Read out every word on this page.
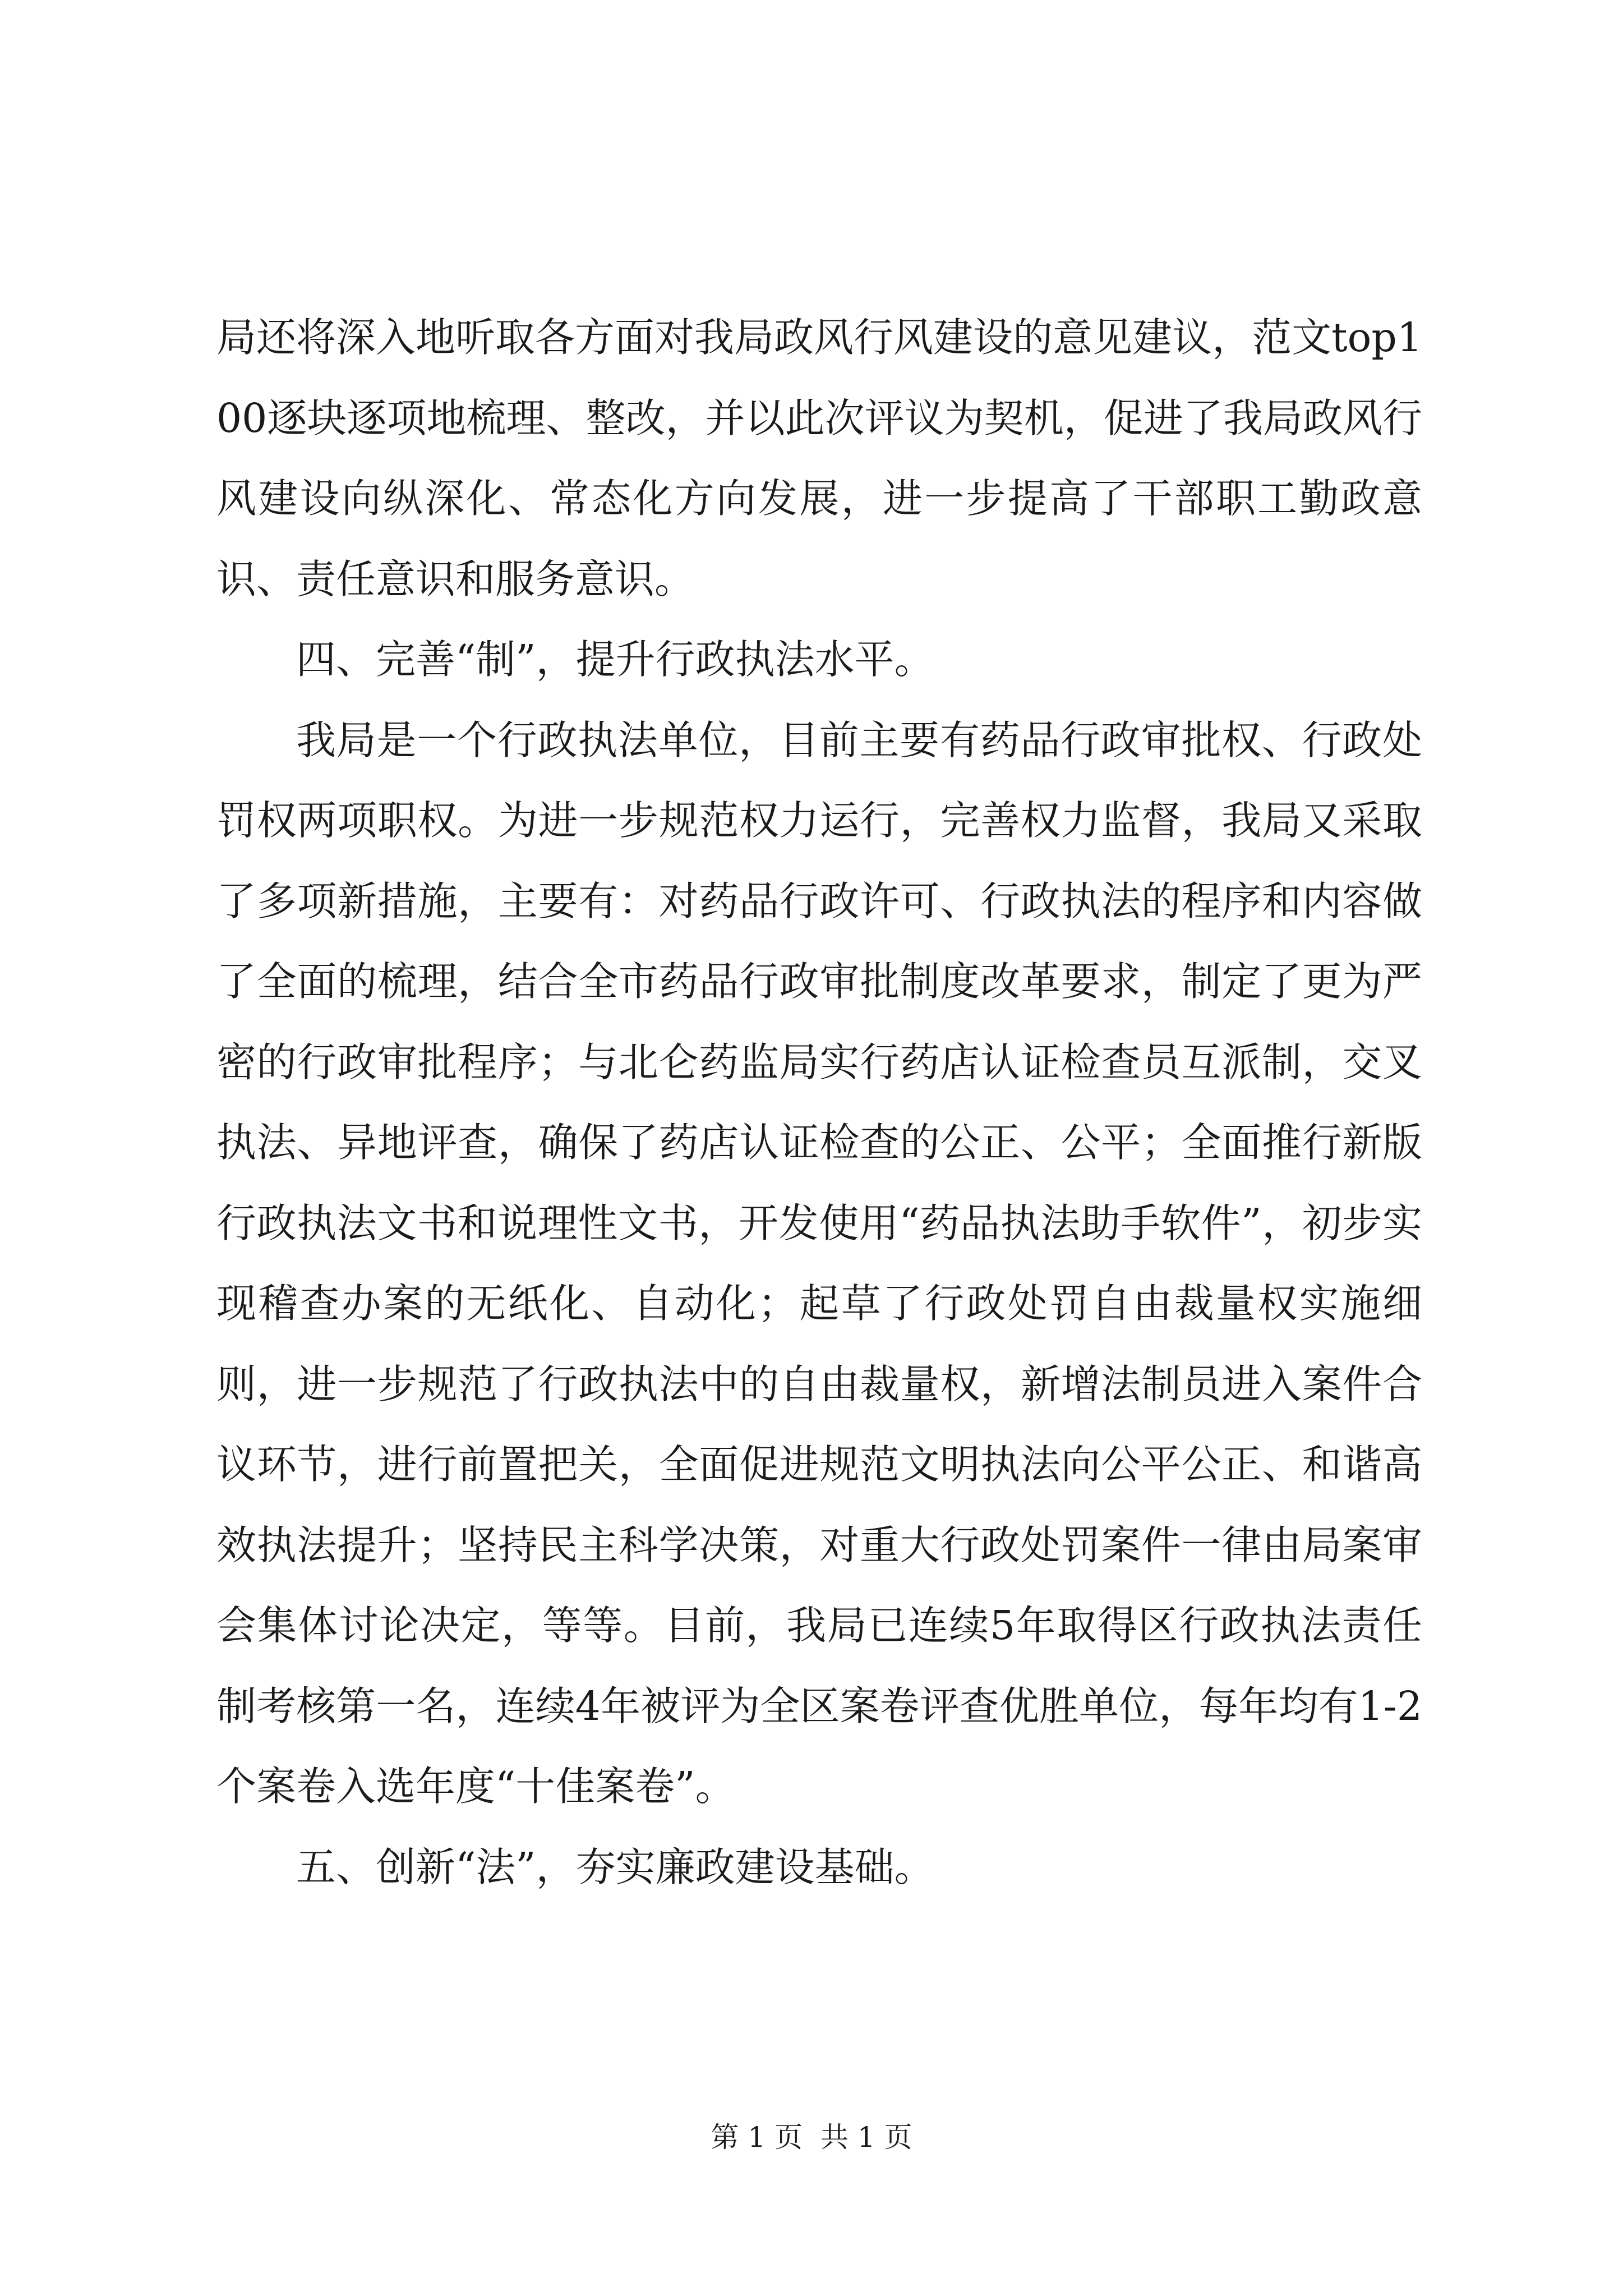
局还将深入地听取各方面对我局政风行风建设的意见建议，范文top100逐块逐项地梳理、整改，并以此次评议为契机，促进了我局政风行风建设向纵深化、常态化方向发展，进一步提高了干部职工勤政意识、责任意识和服务意识。

四、完善“制”，提升行政执法水平。

我局是一个行政执法单位，目前主要有药品行政审批权、行政处罚权两项职权。为进一步规范权力运行，完善权力监督，我局又采取了多项新措施，主要有：对药品行政许可、行政执法的程序和内容做了全面的梳理，结合全市药品行政审批制度改革要求，制定了更为严密的行政审批程序；与北仑药监局实行药店认证检查员互派制，交叉执法、异地评查，确保了药店认证检查的公正、公平；全面推行新版行政执法文书和说理性文书，开发使用“药品执法助手软件”，初步实现稽查办案的无纸化、自动化；起草了行政处罚自由裁量权实施细则，进一步规范了行政执法中的自由裁量权，新增法制员进入案件合议环节，进行前置把关，全面促进规范文明执法向公平公正、和谐高效执法提升；坚持民主科学决策，对重大行政处罚案件一律由局案审会集体讨论决定，等等。目前，我局已连续5年取得区行政执法责任制考核第一名，连续4年被评为全区案卷评查优胜单位，每年均有1-2个案卷入选年度“十佳案卷”。

五、创新“法”，夯实廉政建设基础。

第 1 页  共 1 页
